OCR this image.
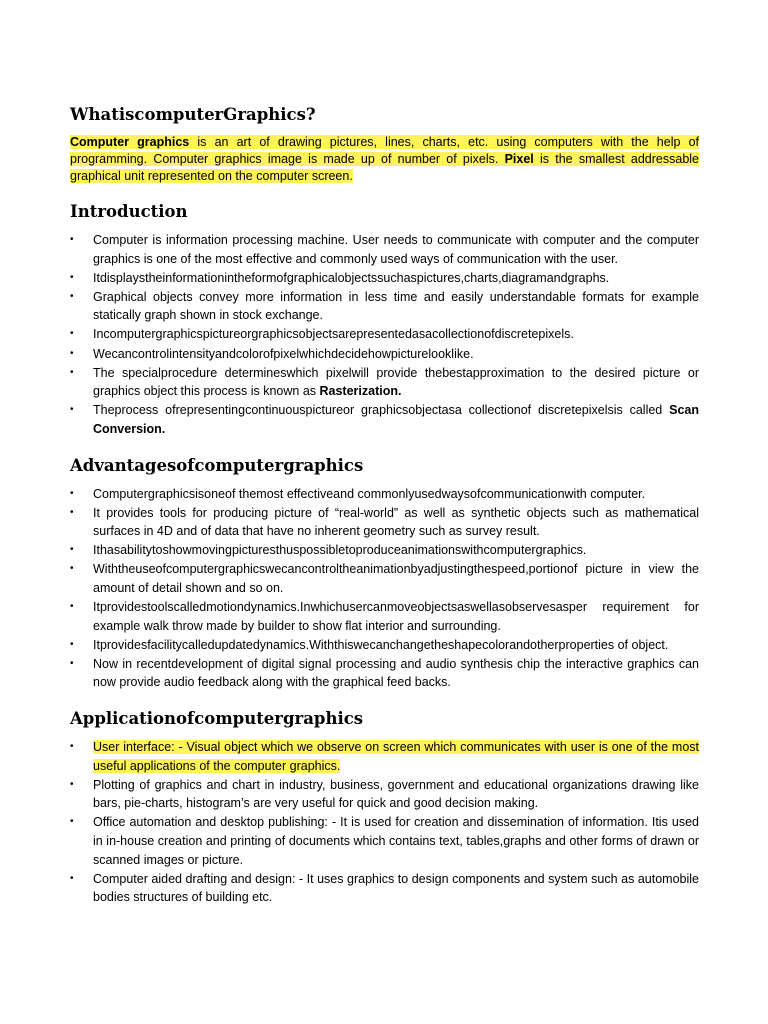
WhatiscomputerGraphics?

Computer graphics is an art of drawing pictures, lines, charts, etc. using computers with the help of programming. Computer graphics image is made up of number of pixels. Pixel is the smallest addressable graphical unit represented on the computer screen.

Introduction
• Computer is information processing machine. User needs to communicate with computer and the computer graphics is one of the most effective and commonly used ways of communication with the user.
• Itdisplaystheinformationintheformofgraphicalobjectssuchaspictures,charts,diagramandgraphs.
• Graphical objects convey more information in less time and easily understandable formats for example statically graph shown in stock exchange.
• Incomputergraphicspictureorgraphicsobjectsarepresentedasacollectionofdiscretepixels.
• Wecancontrolintensityandcolorofpixelwhichdecidehowpicturelooklike.
• The specialprocedure determineswhich pixelwill provide thebestapproximation to the desired picture or graphics object this process is known as Rasterization.
• Theprocess ofrepresentingcontinuouspictureor graphicsobjectasa collectionof discretepixelsis called Scan Conversion.
Advantagesofcomputergraphics
• Computergraphicsisoneof themost effectiveand commonlyusedwaysofcommunicationwith computer.
• It provides tools for producing picture of “real-world” as well as synthetic objects such as mathematical surfaces in 4D and of data that have no inherent geometry such as survey result.
• Ithasabilitytoshowmovingpicturesthuspossibletoproduceanimationswithcomputergraphics.
• Withtheuseofcomputergraphicswecancontroltheanimationbyadjustingthespeed,portionof picture in view the amount of detail shown and so on.
• Itprovidestoolscalledmotiondynamics.Inwhichusercanmoveobjectsaswellasobservesasper requirement for example walk throw made by builder to show flat interior and surrounding.
• Itprovidesfacilitycalledupdatedynamics.Withthiswecanchangetheshapecolorandotherproperties of object.
• Now in recentdevelopment of digital signal processing and audio synthesis chip the interactive graphics can now provide audio feedback along with the graphical feed backs.
Applicationofcomputergraphics
• User interface: - Visual object which we observe on screen which communicates with user is one of the most useful applications of the computer graphics.
• Plotting of graphics and chart in industry, business, government and educational organizations drawing like bars, pie-charts, histogram’s are very useful for quick and good decision making.
• Office automation and desktop publishing: - It is used for creation and dissemination of information. Itis used in in-house creation and printing of documents which contains text, tables,graphs and other forms of drawn or scanned images or picture.
• Computer aided drafting and design: - It uses graphics to design components and system such as automobile bodies structures of building etc.
